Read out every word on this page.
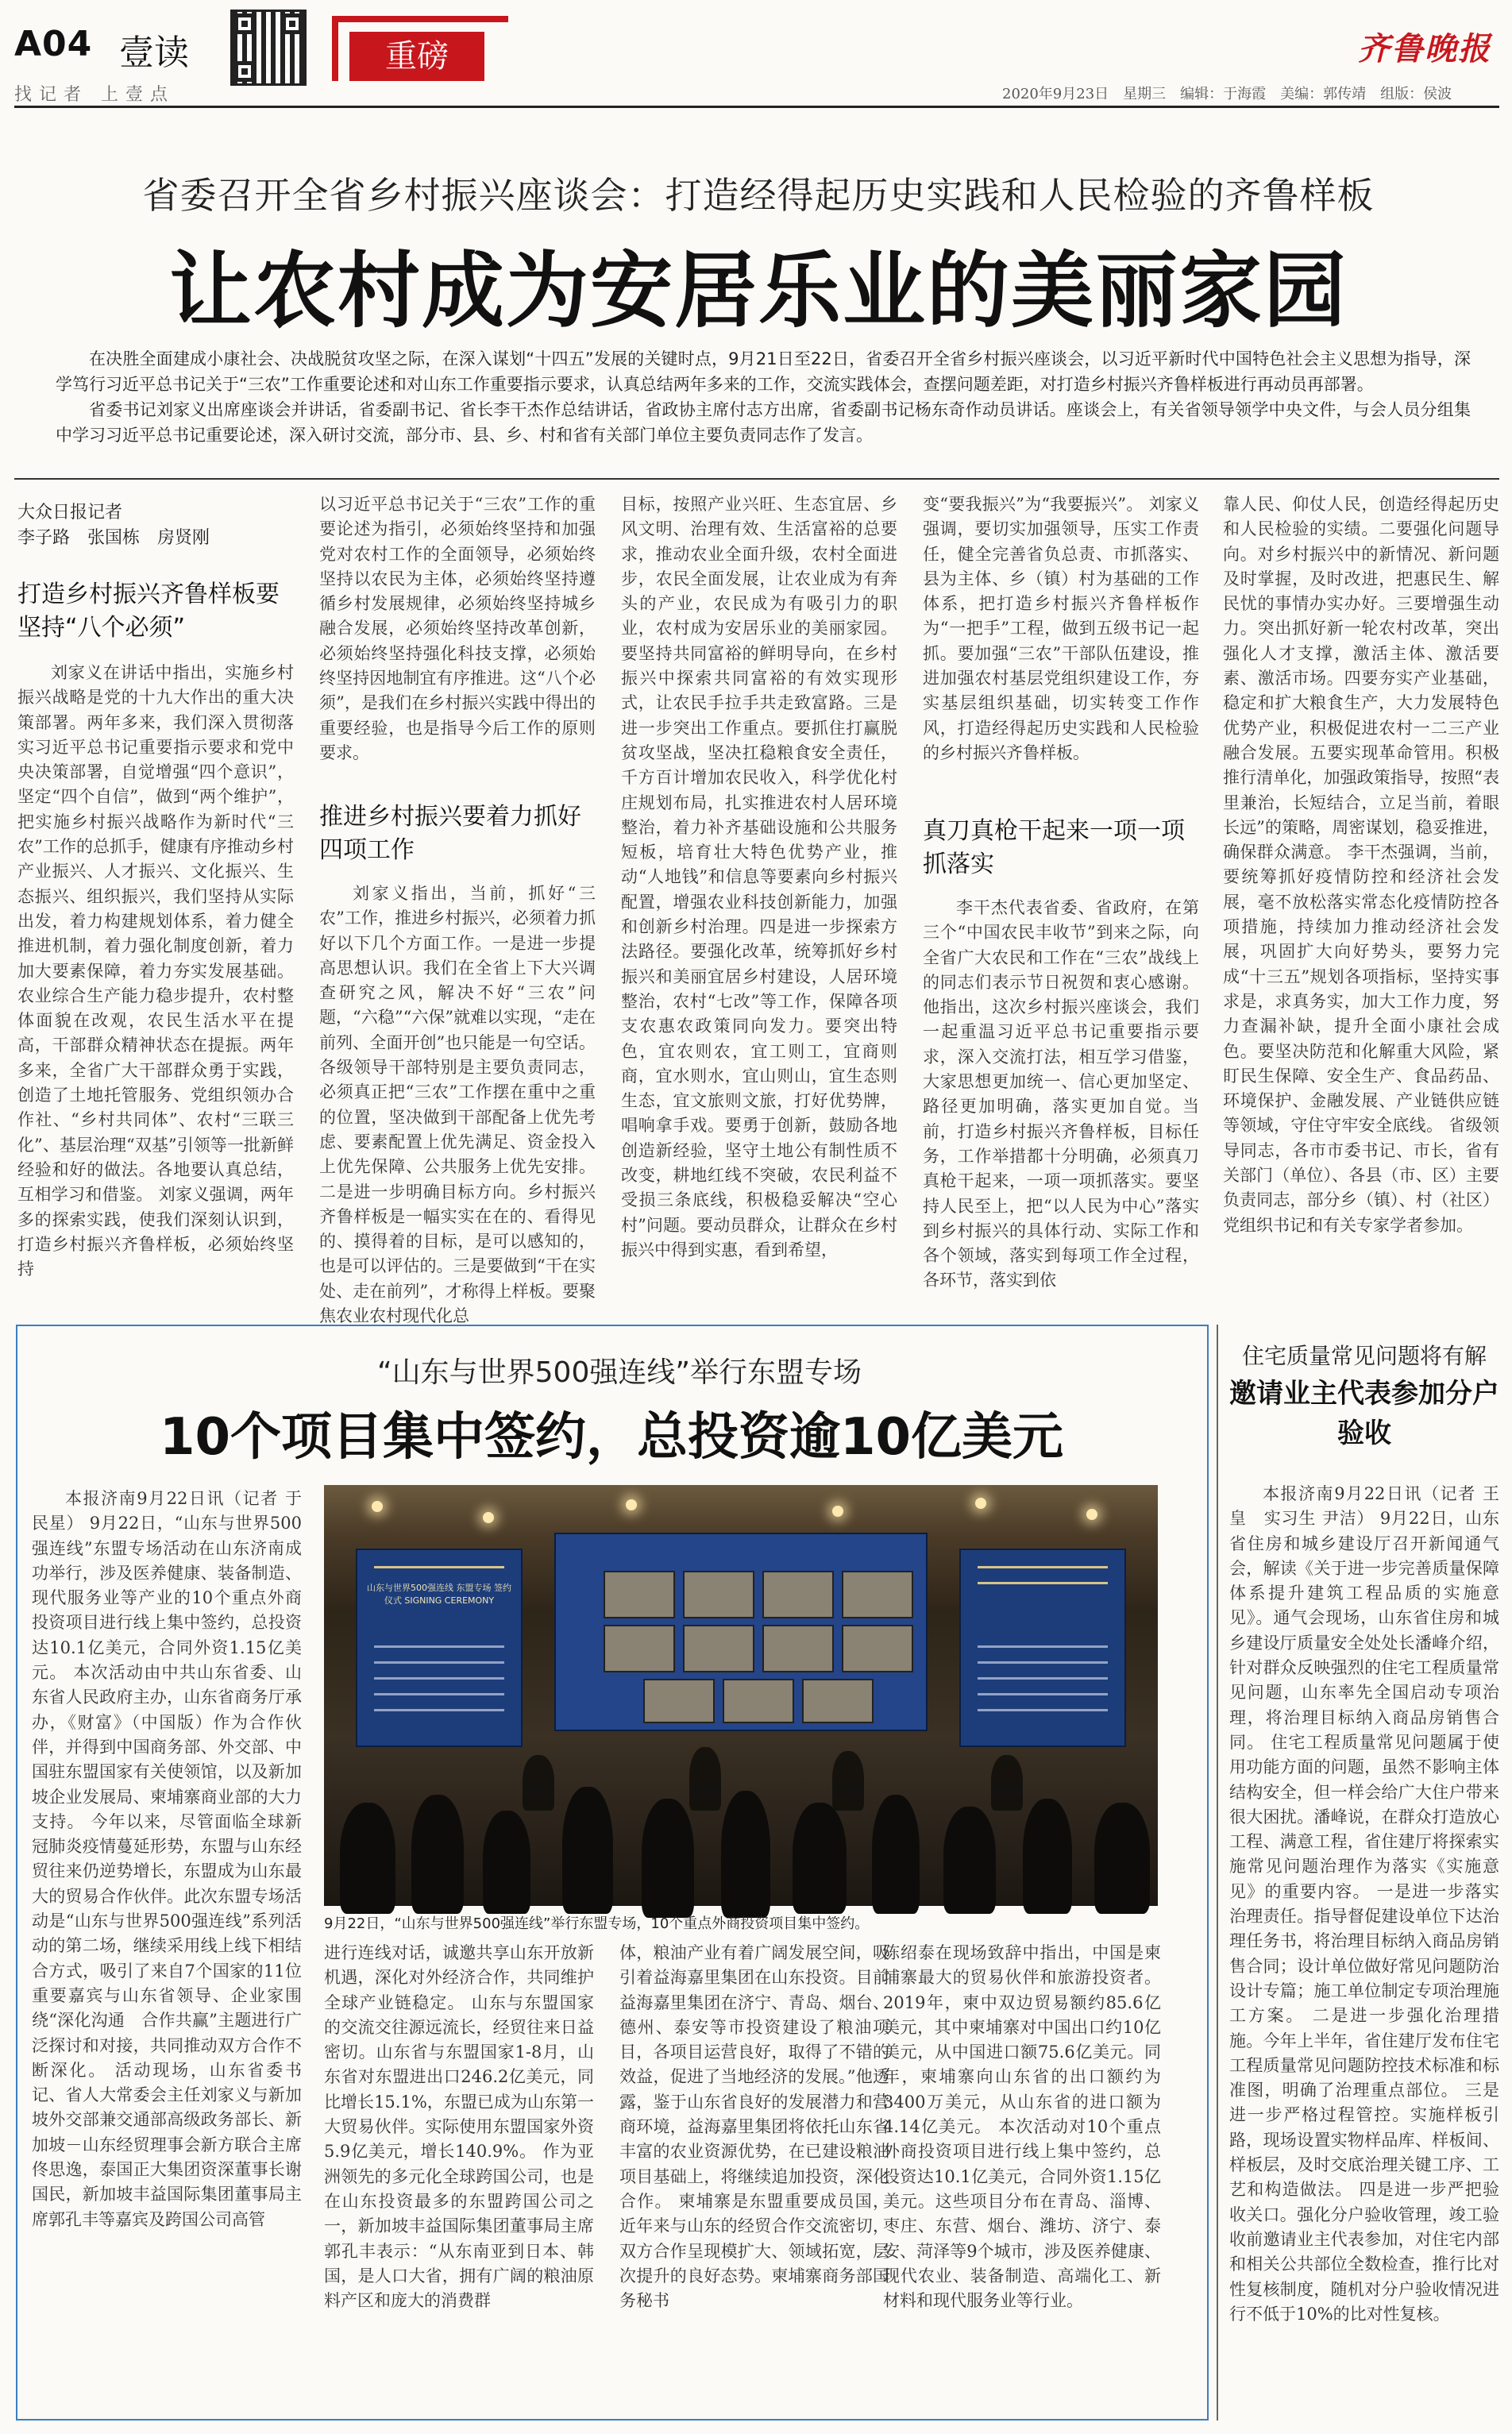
A04 壹读
找记者 上壹点
重磅	齐鲁晚报
2020年9月23日　星期三　编辑：于海霞　美编：郭传靖　组版：侯波
省委召开全省乡村振兴座谈会：打造经得起历史实践和人民检验的齐鲁样板
让农村成为安居乐业的美丽家园

在决胜全面建成小康社会、决战脱贫攻坚之际，在深入谋划“十四五”发展的关键时点，9月21日至22日，省委召开全省乡村振兴座谈会，以习近平新时代中国特色社会主义思想为指导，深学笃行习近平总书记关于“三农”工作重要论述和对山东工作重要指示要求，认真总结两年多来的工作，交流实践体会，查摆问题差距，对打造乡村振兴齐鲁样板进行再动员再部署。

省委书记刘家义出席座谈会并讲话，省委副书记、省长李干杰作总结讲话，省政协主席付志方出席，省委副书记杨东奇作动员讲话。座谈会上，有关省领导领学中央文件，与会人员分组集中学习习近平总书记重要论述，深入研讨交流，部分市、县、乡、村和省有关部门单位主要负责同志作了发言。

大众日报记者
李子路　张国栋　房贤刚
打造乡村振兴齐鲁样板要坚持“八个必须”

刘家义在讲话中指出，实施乡村振兴战略是党的十九大作出的重大决策部署。两年多来，我们深入贯彻落实习近平总书记重要指示要求和党中央决策部署，自觉增强“四个意识”，坚定“四个自信”，做到“两个维护”，把实施乡村振兴战略作为新时代“三农”工作的总抓手，健康有序推动乡村产业振兴、人才振兴、文化振兴、生态振兴、组织振兴，我们坚持从实际出发，着力构建规划体系，着力健全推进机制，着力强化制度创新，着力加大要素保障，着力夯实发展基础。农业综合生产能力稳步提升，农村整体面貌在改观，农民生活水平在提高，干部群众精神状态在提振。两年多来，全省广大干部群众勇于实践，创造了土地托管服务、党组织领办合作社、“乡村共同体”、农村“三联三化”、基层治理“双基”引领等一批新鲜经验和好的做法。各地要认真总结，互相学习和借鉴。 刘家义强调，两年多的探索实践，使我们深刻认识到，打造乡村振兴齐鲁样板，必须始终坚持

以习近平总书记关于“三农”工作的重要论述为指引，必须始终坚持和加强党对农村工作的全面领导，必须始终坚持以农民为主体，必须始终坚持遵循乡村发展规律，必须始终坚持城乡融合发展，必须始终坚持改革创新，必须始终坚持强化科技支撑，必须始终坚持因地制宜有序推进。这“八个必须”，是我们在乡村振兴实践中得出的重要经验，也是指导今后工作的原则要求。

推进乡村振兴要着力抓好四项工作

刘家义指出，当前，抓好“三农”工作，推进乡村振兴，必须着力抓好以下几个方面工作。一是进一步提高思想认识。我们在全省上下大兴调查研究之风，解决不好“三农”问题，“六稳”“六保”就难以实现，“走在前列、全面开创”也只能是一句空话。各级领导干部特别是主要负责同志，必须真正把“三农”工作摆在重中之重的位置，坚决做到干部配备上优先考虑、要素配置上优先满足、资金投入上优先保障、公共服务上优先安排。二是进一步明确目标方向。乡村振兴齐鲁样板是一幅实实在在的、看得见的、摸得着的目标，是可以感知的，也是可以评估的。三是要做到“干在实处、走在前列”，才称得上样板。要聚焦农业农村现代化总

目标，按照产业兴旺、生态宜居、乡风文明、治理有效、生活富裕的总要求，推动农业全面升级，农村全面进步，农民全面发展，让农业成为有奔头的产业，农民成为有吸引力的职业，农村成为安居乐业的美丽家园。要坚持共同富裕的鲜明导向，在乡村振兴中探索共同富裕的有效实现形式，让农民手拉手共走致富路。三是进一步突出工作重点。要抓住打赢脱贫攻坚战，坚决扛稳粮食安全责任，千方百计增加农民收入，科学优化村庄规划布局，扎实推进农村人居环境整治，着力补齐基础设施和公共服务短板，培育壮大特色优势产业，推动“人地钱”和信息等要素向乡村振兴配置，增强农业科技创新能力，加强和创新乡村治理。四是进一步探索方法路径。要强化改革，统筹抓好乡村振兴和美丽宜居乡村建设，人居环境整治，农村“七改”等工作，保障各项支农惠农政策同向发力。要突出特色，宜农则农，宜工则工，宜商则商，宜水则水，宜山则山，宜生态则生态，宜文旅则文旅，打好优势牌，唱响拿手戏。要勇于创新，鼓励各地创造新经验，坚守土地公有制性质不改变，耕地红线不突破，农民利益不受损三条底线，积极稳妥解决“空心村”问题。要动员群众，让群众在乡村振兴中得到实惠，看到希望，

变“要我振兴”为“我要振兴”。 刘家义强调，要切实加强领导，压实工作责任，健全完善省负总责、市抓落实、县为主体、乡（镇）村为基础的工作体系，把打造乡村振兴齐鲁样板作为“一把手”工程，做到五级书记一起抓。要加强“三农”干部队伍建设，推进加强农村基层党组织建设工作，夯实基层组织基础，切实转变工作作风，打造经得起历史实践和人民检验的乡村振兴齐鲁样板。

真刀真枪干起来一项一项抓落实

李干杰代表省委、省政府，在第三个“中国农民丰收节”到来之际，向全省广大农民和工作在“三农”战线上的同志们表示节日祝贺和衷心感谢。他指出，这次乡村振兴座谈会，我们一起重温习近平总书记重要指示要求，深入交流打法，相互学习借鉴，大家思想更加统一、信心更加坚定、路径更加明确，落实更加自觉。当前，打造乡村振兴齐鲁样板，目标任务，工作举措都十分明确，必须真刀真枪干起来，一项一项抓落实。要坚持人民至上，把“以人民为中心”落实到乡村振兴的具体行动、实际工作和各个领域，落实到每项工作全过程，各环节，落实到依

靠人民、仰仗人民，创造经得起历史和人民检验的实绩。二要强化问题导向。对乡村振兴中的新情况、新问题及时掌握，及时改进，把惠民生、解民忧的事情办实办好。三要增强生动力。突出抓好新一轮农村改革，突出强化人才支撑，激活主体、激活要素、激活市场。四要夯实产业基础，稳定和扩大粮食生产，大力发展特色优势产业，积极促进农村一二三产业融合发展。五要实现革命管用。积极推行清单化，加强政策指导，按照“表里兼治，长短结合，立足当前，着眼长远”的策略，周密谋划，稳妥推进，确保群众满意。 李干杰强调，当前，要统筹抓好疫情防控和经济社会发展，毫不放松落实常态化疫情防控各项措施，持续加力推动经济社会发展，巩固扩大向好势头，要努力完成“十三五”规划各项指标，坚持实事求是，求真务实，加大工作力度，努力查漏补缺，提升全面小康社会成色。要坚决防范和化解重大风险，紧盯民生保障、安全生产、食品药品、环境保护、金融发展、产业链供应链等领域，守住守牢安全底线。 省级领导同志，各市市委书记、市长，省有关部门（单位）、各县（市、区）主要负责同志，部分乡（镇）、村（社区）党组织书记和有关专家学者参加。

“山东与世界500强连线”举行东盟专场
10个项目集中签约，总投资逾10亿美元
山东与世界500强连线 东盟专场 签约仪式 SIGNING CEREMONY
9月22日，“山东与世界500强连线”举行东盟专场，10个重点外商投资项目集中签约。

本报济南9月22日讯（记者 于民星） 9月22日，“山东与世界500强连线”东盟专场活动在山东济南成功举行，涉及医养健康、装备制造、现代服务业等产业的10个重点外商投资项目进行线上集中签约，总投资达10.1亿美元，合同外资1.15亿美元。 本次活动由中共山东省委、山东省人民政府主办，山东省商务厅承办，《财富》（中国版）作为合作伙伴，并得到中国商务部、外交部、中国驻东盟国家有关使领馆，以及新加坡企业发展局、柬埔寨商业部的大力支持。 今年以来，尽管面临全球新冠肺炎疫情蔓延形势，东盟与山东经贸往来仍逆势增长，东盟成为山东最大的贸易合作伙伴。此次东盟专场活动是“山东与世界500强连线”系列活动的第二场，继续采用线上线下相结合方式，吸引了来自7个国家的11位重要嘉宾与山东省领导、企业家围绕“深化沟通　合作共赢”主题进行广泛探讨和对接，共同推动双方合作不断深化。 活动现场，山东省委书记、省人大常委会主任刘家义与新加坡外交部兼交通部高级政务部长、新加坡－山东经贸理事会新方联合主席佟思逸，泰国正大集团资深董事长谢国民，新加坡丰益国际集团董事局主席郭孔丰等嘉宾及跨国公司高管

进行连线对话，诚邀共享山东开放新机遇，深化对外经济合作，共同维护全球产业链稳定。 山东与东盟国家的交流交往源远流长，经贸往来日益密切。山东省与东盟国家1-8月，山东省对东盟进出口246.2亿美元，同比增长15.1%，东盟已成为山东第一大贸易伙伴。实际使用东盟国家外资5.9亿美元，增长140.9%。 作为亚洲领先的多元化全球跨国公司，也是在山东投资最多的东盟跨国公司之一，新加坡丰益国际集团董事局主席郭孔丰表示：“从东南亚到日本、韩国，是人口大省，拥有广阔的粮油原料产区和庞大的消费群

体，粮油产业有着广阔发展空间，吸引着益海嘉里集团在山东投资。目前益海嘉里集团在济宁、青岛、烟台、德州、泰安等市投资建设了粮油项目，各项目运营良好，取得了不错的效益，促进了当地经济的发展。”他透露，鉴于山东省良好的发展潜力和营商环境，益海嘉里集团将依托山东省丰富的农业资源优势，在已建设粮油项目基础上，将继续追加投资，深化合作。 柬埔寨是东盟重要成员国，近年来与山东的经贸合作交流密切，双方合作呈现模扩大、领域拓宽，层次提升的良好态势。柬埔寨商务部国务秘书

陈绍泰在现场致辞中指出，中国是柬埔寨最大的贸易伙伴和旅游投资者。2019年，柬中双边贸易额约85.6亿美元，其中柬埔寨对中国出口约10亿美元，从中国进口额75.6亿美元。同年，柬埔寨向山东省的出口额约为3400万美元，从山东省的进口额为4.14亿美元。 本次活动对10个重点外商投资项目进行线上集中签约，总投资达10.1亿美元，合同外资1.15亿美元。这些项目分布在青岛、淄博、枣庄、东营、烟台、潍坊、济宁、泰安、菏泽等9个城市，涉及医养健康、现代农业、装备制造、高端化工、新材料和现代服务业等行业。

住宅质量常见问题将有解
邀请业主代表参加分户验收

本报济南9月22日讯（记者 王皇　实习生 尹洁） 9月22日，山东省住房和城乡建设厅召开新闻通气会，解读《关于进一步完善质量保障体系提升建筑工程品质的实施意见》。通气会现场，山东省住房和城乡建设厅质量安全处处长潘峰介绍，针对群众反映强烈的住宅工程质量常见问题，山东率先全国启动专项治理，将治理目标纳入商品房销售合同。 住宅工程质量常见问题属于使用功能方面的问题，虽然不影响主体结构安全，但一样会给广大住户带来很大困扰。潘峰说，在群众打造放心工程、满意工程，省住建厅将探索实施常见问题治理作为落实《实施意见》的重要内容。 一是进一步落实治理责任。指导督促建设单位下达治理任务书，将治理目标纳入商品房销售合同；设计单位做好常见问题防治设计专篇；施工单位制定专项治理施工方案。 二是进一步强化治理措施。今年上半年，省住建厅发布住宅工程质量常见问题防控技术标准和标准图，明确了治理重点部位。 三是进一步严格过程管控。实施样板引路，现场设置实物样品库、样板间、样板层，及时交底治理关键工序、工艺和构造做法。 四是进一步严把验收关口。强化分户验收管理，竣工验收前邀请业主代表参加，对住宅内部和相关公共部位全数检查，推行比对性复核制度，随机对分户验收情况进行不低于10%的比对性复核。
